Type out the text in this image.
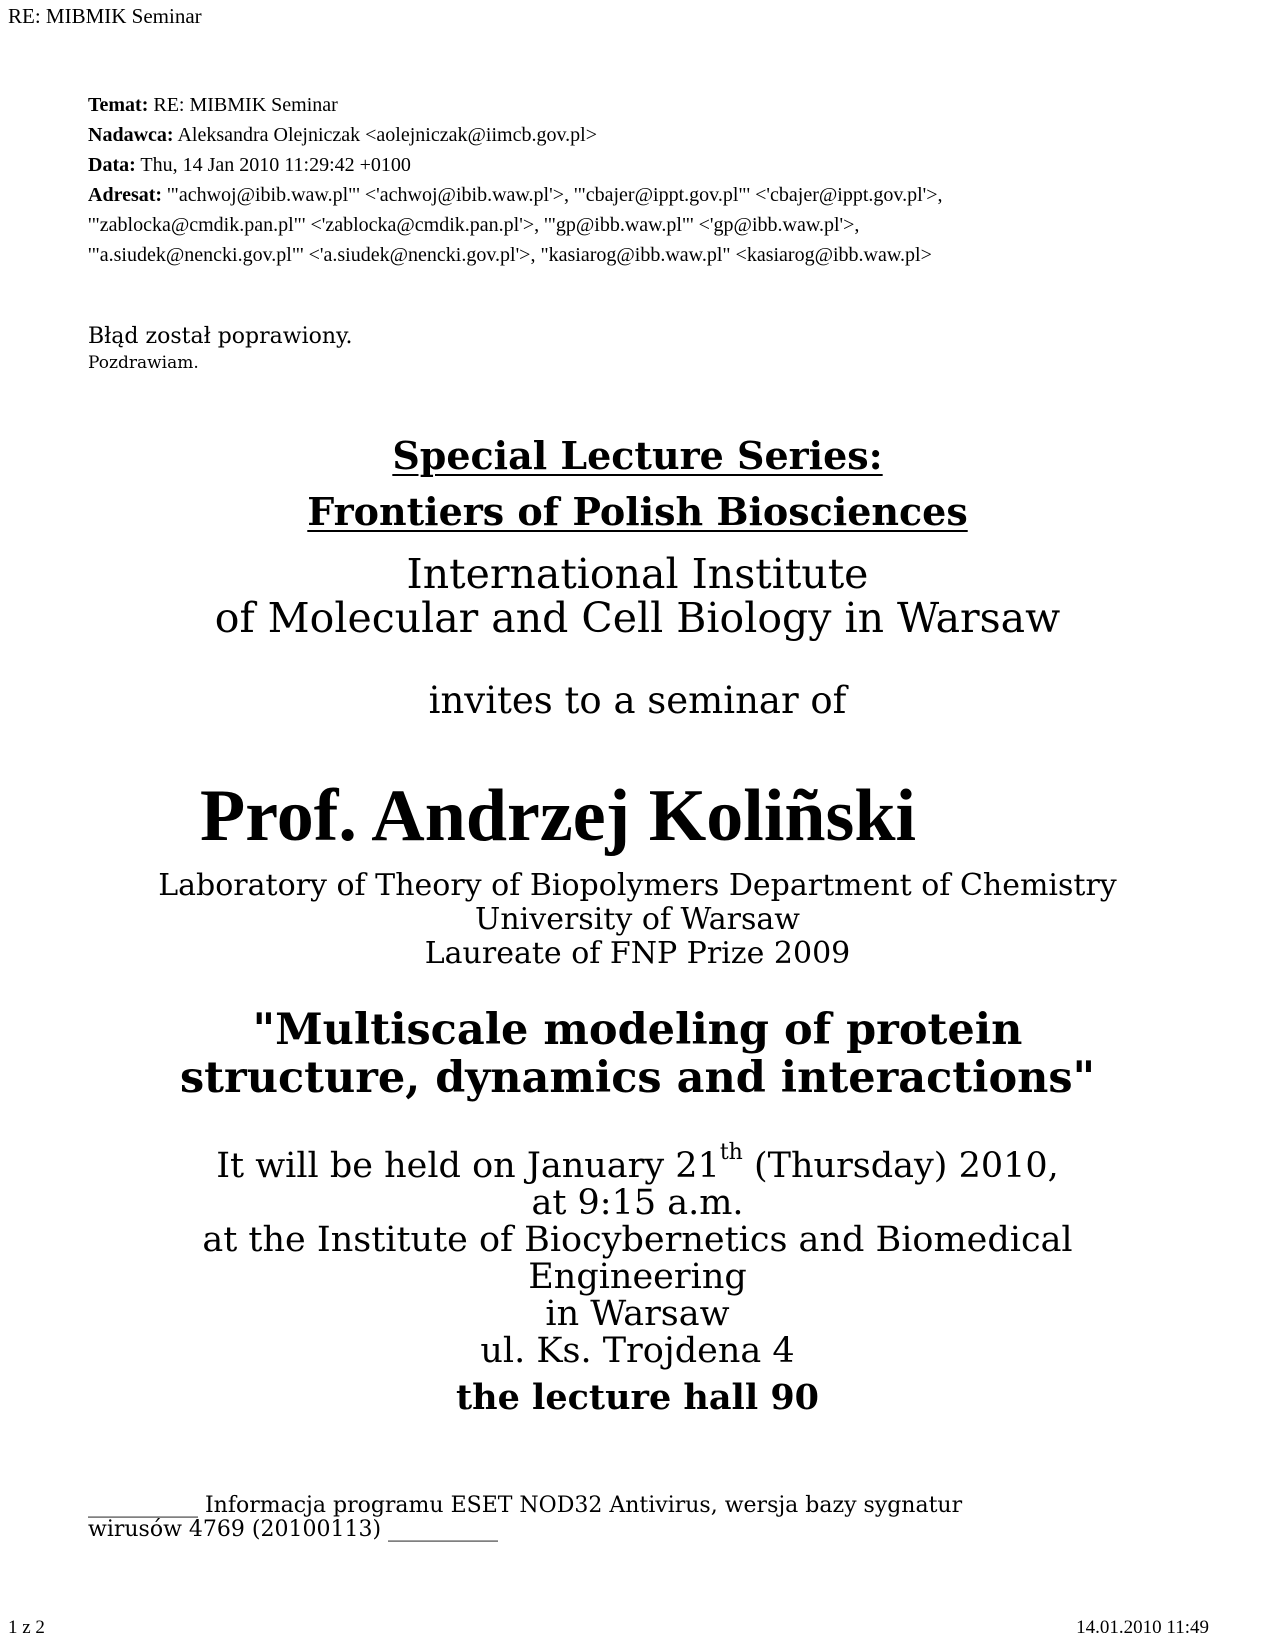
RE: MIBMIK Seminar
Temat: RE: MIBMIK Seminar
Nadawca: Aleksandra Olejniczak <aolejniczak@iimcb.gov.pl>
Data: Thu, 14 Jan 2010 11:29:42 +0100
Adresat: '"achwoj@ibib.waw.pl"' <'achwoj@ibib.waw.pl'>, '"cbajer@ippt.gov.pl"' <'cbajer@ippt.gov.pl'>,
'"zablocka@cmdik.pan.pl"' <'zablocka@cmdik.pan.pl'>, '"gp@ibb.waw.pl"' <'gp@ibb.waw.pl'>,
'"a.siudek@nencki.gov.pl"' <'a.siudek@nencki.gov.pl'>, "kasiarog@ibb.waw.pl" <kasiarog@ibb.waw.pl>
Błąd został poprawiony.
Pozdrawiam.
Special Lecture Series:
Frontiers of Polish Biosciences
International Institute
of Molecular and Cell Biology in Warsaw
invites to a seminar of
Prof. Andrzej Koliñski
Laboratory of Theory of Biopolymers Department of Chemistry
University of Warsaw
Laureate of FNP Prize 2009
"Multiscale modeling of protein
structure, dynamics and interactions"
It will be held on January 21th (Thursday) 2010,
at 9:15 a.m.
at the Institute of Biocybernetics and Biomedical
Engineering
in Warsaw
ul. Ks. Trojdena 4
the lecture hall 90
__________ Informacja programu ESET NOD32 Antivirus, wersja bazy sygnatur
wirusów 4769 (20100113) __________
1 z 2	14.01.2010 11:49
